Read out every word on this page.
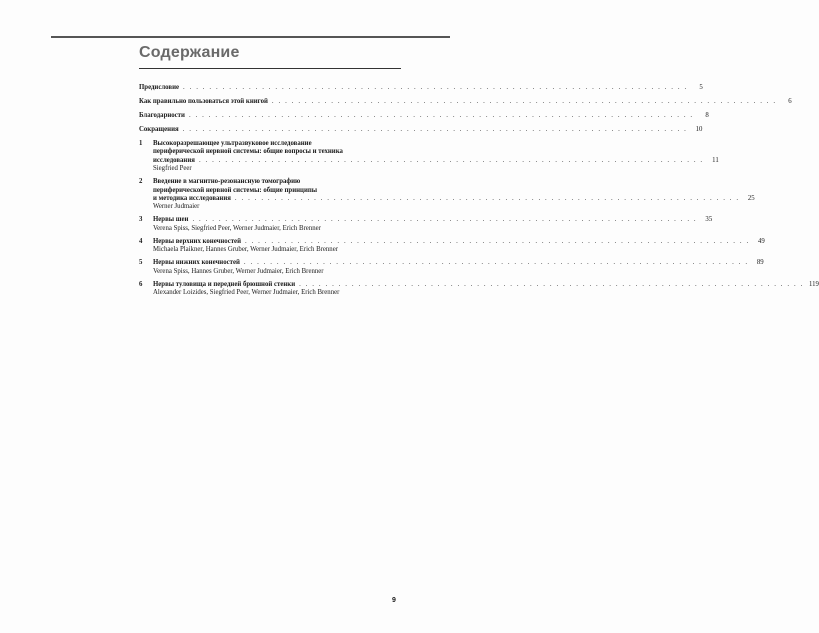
Содержание
Предисловие . . . . . . . . . . . . . . . . . . . . . . . . . . . . . . . . . . . . . . . . . . . . . . . . . . . . . . . . . . . . . . . . . . . . . . . . . . . . .	5
Как правильно пользоваться этой книгой . . . . . . . . . . . . . . . . . . . . . . . . . . . . . . . . . . . . . . . . . . . . . . . . . . . . . . . . . . . . . . . . . . . . . . . . . . . . .	6
Благодарности . . . . . . . . . . . . . . . . . . . . . . . . . . . . . . . . . . . . . . . . . . . . . . . . . . . . . . . . . . . . . . . . . . . . . . . . . . . . .	8
Сокращения . . . . . . . . . . . . . . . . . . . . . . . . . . . . . . . . . . . . . . . . . . . . . . . . . . . . . . . . . . . . . . . . . . . . . . . . . . . . .	10
1 Высокоразрешающее ультразвуковое исследование
периферической нервной системы: общие вопросы и техника
исследования . . . . . . . . . . . . . . . . . . . . . . . . . . . . . . . . . . . . . . . . . . . . . . . . . . . . . . . . . . . . . . . . . . . . . . . . . . . . .	11
Siegfried Peer
2 Введение в магнитно-резонансную томографию
периферической нервной системы: общие принципы
и методика исследования . . . . . . . . . . . . . . . . . . . . . . . . . . . . . . . . . . . . . . . . . . . . . . . . . . . . . . . . . . . . . . . . . . . . . . . . . . . . .	25
Werner Judmaier
3 Нервы шеи . . . . . . . . . . . . . . . . . . . . . . . . . . . . . . . . . . . . . . . . . . . . . . . . . . . . . . . . . . . . . . . . . . . . . . . . . . . . .	35
Verena Spiss, Siegfried Peer, Werner Judmaier, Erich Brenner
4 Нервы верхних конечностей . . . . . . . . . . . . . . . . . . . . . . . . . . . . . . . . . . . . . . . . . . . . . . . . . . . . . . . . . . . . . . . . . . . . . . . . . . . . .	49
Michaela Plaikner, Hannes Gruber, Werner Judmaier, Erich Brenner
5 Нервы нижних конечностей . . . . . . . . . . . . . . . . . . . . . . . . . . . . . . . . . . . . . . . . . . . . . . . . . . . . . . . . . . . . . . . . . . . . . . . . . . . . .	89
Verena Spiss, Hannes Gruber, Werner Judmaier, Erich Brenner
6 Нервы туловища и передней брюшной стенки . . . . . . . . . . . . . . . . . . . . . . . . . . . . . . . . . . . . . . . . . . . . . . . . . . . . . . . . . . . . . . . . . . . . . . . . . . . . . 119
Alexander Loizides, Siegfried Peer, Werner Judmaier, Erich Brenner
9
